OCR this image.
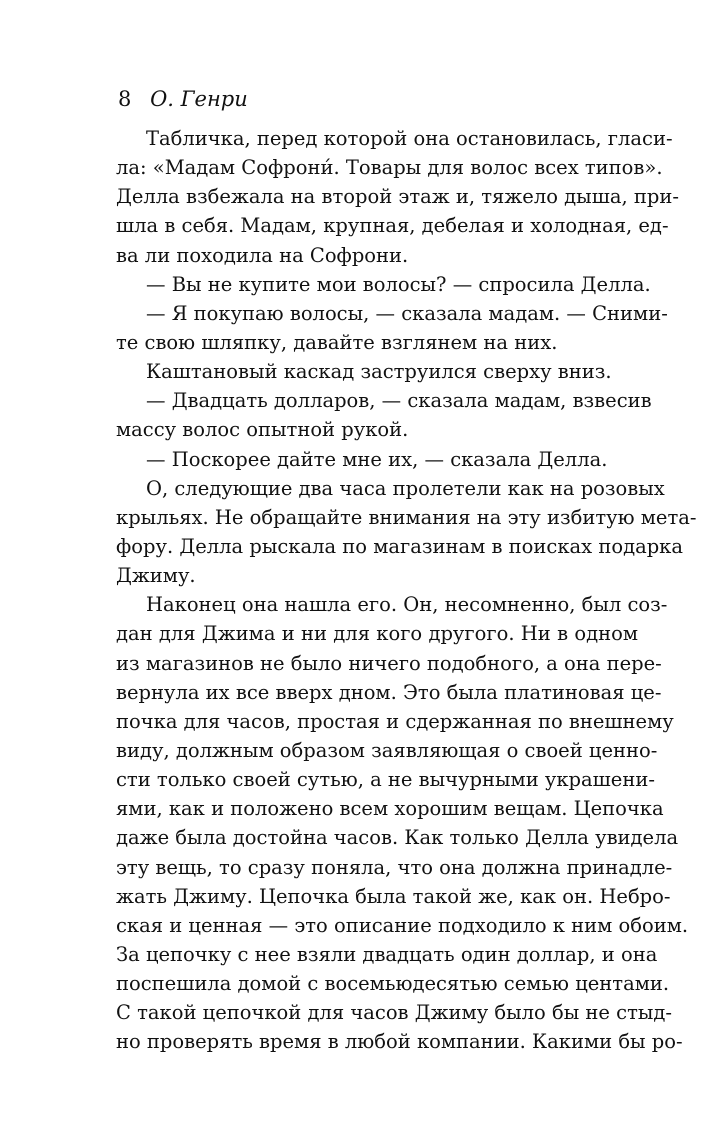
8 О. Генри
Табличка, перед которой она остановилась, гласи-
ла: «Мадам Софрони́. Товары для волос всех типов».
Делла взбежала на второй этаж и, тяжело дыша, при-
шла в себя. Мадам, крупная, дебелая и холодная, ед-
ва ли походила на Софрони.
— Вы не купите мои волосы? — спросила Делла.
— Я покупаю волосы, — сказала мадам. — Сними-
те свою шляпку, давайте взглянем на них.
Каштановый каскад заструился сверху вниз.
— Двадцать долларов, — сказала мадам, взвесив
массу волос опытной рукой.
— Поскорее дайте мне их, — сказала Делла.
О, следующие два часа пролетели как на розовых
крыльях. Не обращайте внимания на эту избитую мета-
фору. Делла рыскала по магазинам в поисках подарка
Джиму.
Наконец она нашла его. Он, несомненно, был соз-
дан для Джима и ни для кого другого. Ни в одном
из магазинов не было ничего подобного, а она пере-
вернула их все вверх дном. Это была платиновая це-
почка для часов, простая и сдержанная по внешнему
виду, должным образом заявляющая о своей ценно-
сти только своей сутью, а не вычурными украшени-
ями, как и положено всем хорошим вещам. Цепочка
даже была достойна часов. Как только Делла увидела
эту вещь, то сразу поняла, что она должна принадле-
жать Джиму. Цепочка была такой же, как он. Небро-
ская и ценная — это описание подходило к ним обоим.
За цепочку с нее взяли двадцать один доллар, и она
поспешила домой с восемьюдесятью семью центами.
С такой цепочкой для часов Джиму было бы не стыд-
но проверять время в любой компании. Какими бы ро-
